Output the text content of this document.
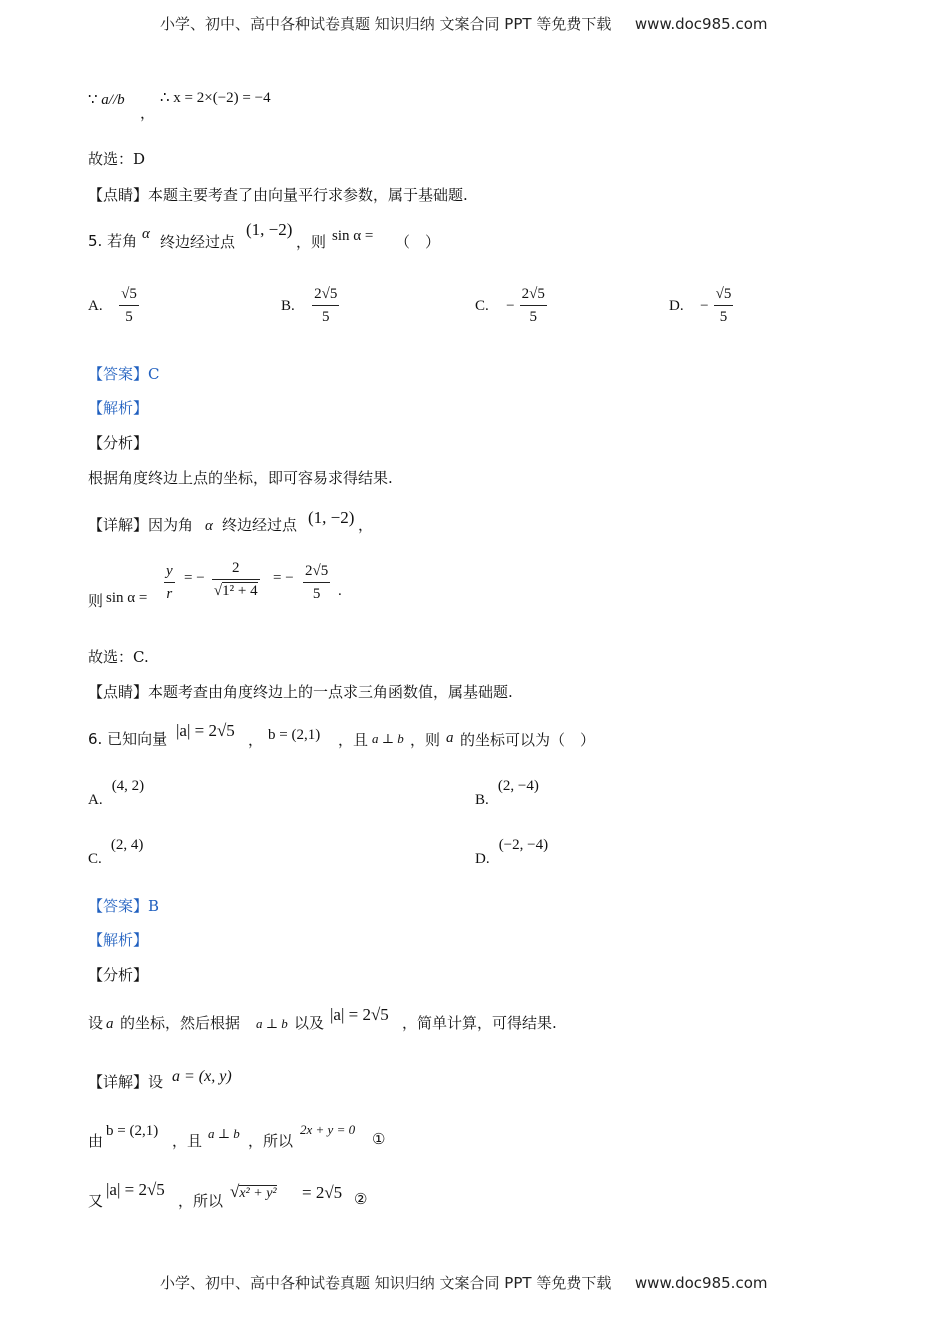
小学、初中、高中各种试卷真题 知识归纳 文案合同 PPT 等免费下载 www.doc985.com
∵ a//b
，
∴ x = 2×(−2) = −4
故选：D
【点睛】本题主要考查了由向量平行求参数，属于基础题.
5. 若角 α 终边经过点
(1, −2)
，则 sin α = （　）
A. $\frac{√5}{5}$	B. $\frac{2√5}{5}$	C. − $\frac{2√5}{5}$	D. − $\frac{√5}{5}$
【答案】C
【解析】
【分析】
根据角度终边上点的坐标，即可容易求得结果.
【详解】因为角 α 终边经过点 (1, −2) ，
则 $\sin \alpha = \frac{y}{r}$ = − $\frac{2}{\text{√1² + 4}}$ = − $\frac{2√5}{5}$ .
故选：C.
【点睛】本题考查由角度终边上的一点求三角函数值，属基础题.
6. 已知向量 |a| = 2√5 ， b = (2,1) ，且 a ⊥ b ，则 a 的坐标可以为（　）
A. (4, 2)
B. (2, −4)
C. (2, 4)
D. (−2, −4)
【答案】B
【解析】
【分析】
设 a 的坐标，然后根据 a ⊥ b 以及 |a| = 2√5 ，简单计算，可得结果.
【详解】设 a = (x, y)
由
b = (2,1)
，且 a ⊥ b ，所以
2x + y = 0
①
又
|a| = 2√5
，所以 √x² + y² = 2√5 ②
小学、初中、高中各种试卷真题 知识归纳 文案合同 PPT 等免费下载 www.doc985.com
